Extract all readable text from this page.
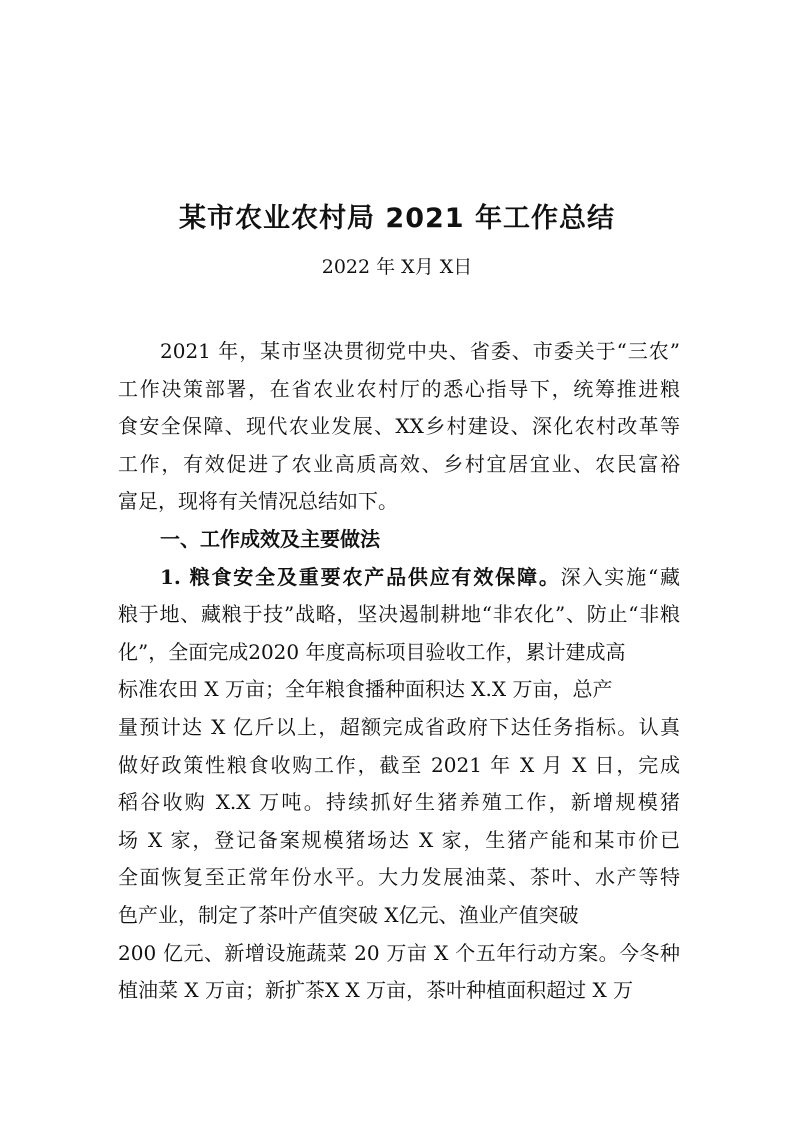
某市农业农村局 2021 年工作总结
2022 年 X月 X日
2021 年，某市坚决贯彻党中央、省委、市委关于“三农”
工作决策部署，在省农业农村厅的悉心指导下，统筹推进粮
食安全保障、现代农业发展、XX乡村建设、深化农村改革等
工作，有效促进了农业高质高效、乡村宜居宜业、农民富裕
富足，现将有关情况总结如下。
一、工作成效及主要做法
1. 粮食安全及重要农产品供应有效保障。深入实施“藏
粮于地、藏粮于技”战略，坚决遏制耕地“非农化”、防止“非粮
化”，全面完成2020 年度高标项目验收工作，累计建成高
标准农田 X 万亩；全年粮食播种面积达 X.X 万亩，总产
量预计达 X 亿斤以上，超额完成省政府下达任务指标。认真
做好政策性粮食收购工作，截至 2021 年 X 月 X 日，完成
稻谷收购 X.X 万吨。持续抓好生猪养殖工作，新增规模猪
场 X 家，登记备案规模猪场达 X 家，生猪产能和某市价已
全面恢复至正常年份水平。大力发展油菜、茶叶、水产等特
色产业，制定了茶叶产值突破 X亿元、渔业产值突破
200 亿元、新增设施蔬菜 20 万亩 X 个五年行动方案。今冬种
植油菜 X 万亩；新扩茶X X 万亩，茶叶种植面积超过 X 万
